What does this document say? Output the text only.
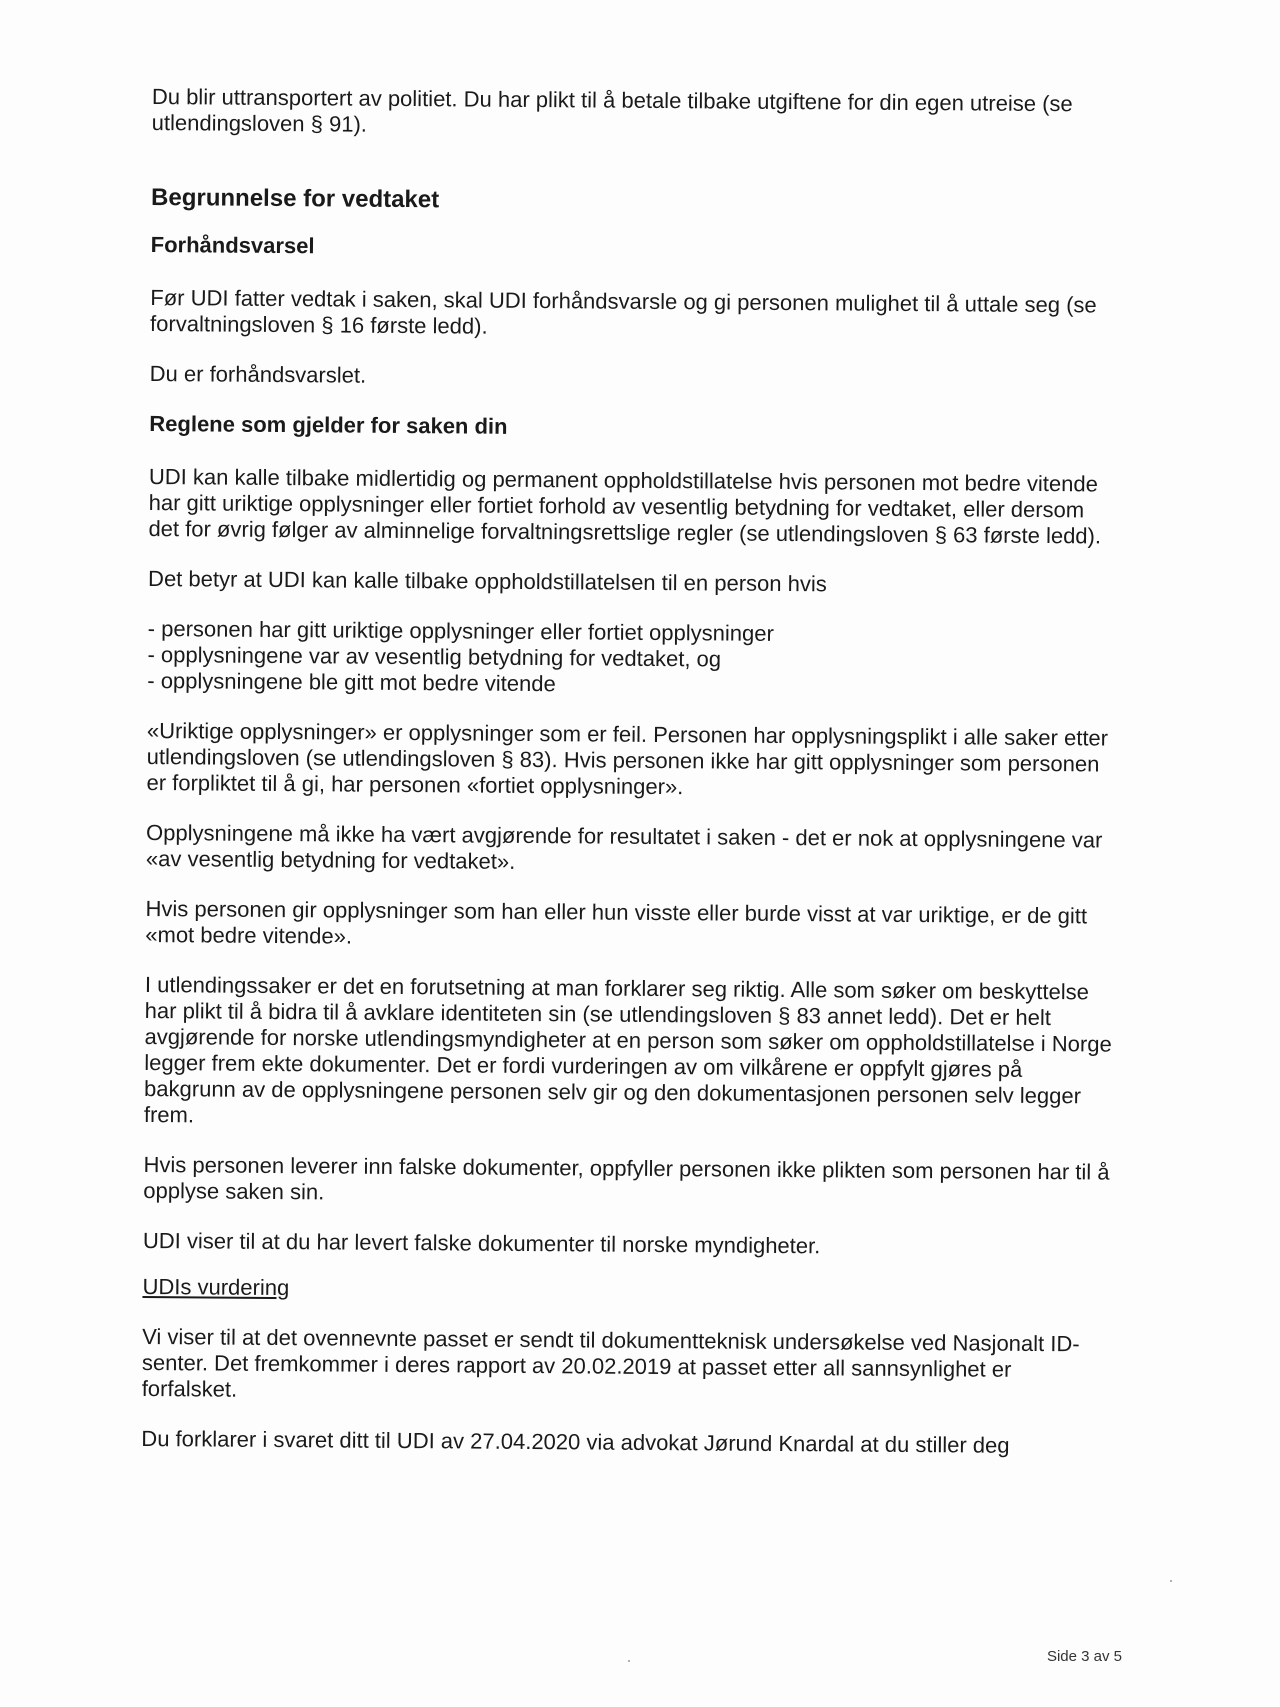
Du blir uttransportert av politiet. Du har plikt til å betale tilbake utgiftene for din egen utreise (se utlendingsloven § 91).

Begrunnelse for vedtaket

Forhåndsvarsel

Før UDI fatter vedtak i saken, skal UDI forhåndsvarsle og gi personen mulighet til å uttale seg (se forvaltningsloven § 16 første ledd).

Du er forhåndsvarslet.

Reglene som gjelder for saken din

UDI kan kalle tilbake midlertidig og permanent oppholdstillatelse hvis personen mot bedre vitende har gitt uriktige opplysninger eller fortiet forhold av vesentlig betydning for vedtaket, eller dersom det for øvrig følger av alminnelige forvaltningsrettslige regler (se utlendingsloven § 63 første ledd).

Det betyr at UDI kan kalle tilbake oppholdstillatelsen til en person hvis

- personen har gitt uriktige opplysninger eller fortiet opplysninger
- opplysningene var av vesentlig betydning for vedtaket, og
- opplysningene ble gitt mot bedre vitende

«Uriktige opplysninger» er opplysninger som er feil. Personen har opplysningsplikt i alle saker etter utlendingsloven (se utlendingsloven § 83). Hvis personen ikke har gitt opplysninger som personen er forpliktet til å gi, har personen «fortiet opplysninger».

Opplysningene må ikke ha vært avgjørende for resultatet i saken - det er nok at opplysningene var «av vesentlig betydning for vedtaket».

Hvis personen gir opplysninger som han eller hun visste eller burde visst at var uriktige, er de gitt «mot bedre vitende».

I utlendingssaker er det en forutsetning at man forklarer seg riktig. Alle som søker om beskyttelse har plikt til å bidra til å avklare identiteten sin (se utlendingsloven § 83 annet ledd). Det er helt avgjørende for norske utlendingsmyndigheter at en person som søker om oppholdstillatelse i Norge legger frem ekte dokumenter. Det er fordi vurderingen av om vilkårene er oppfylt gjøres på bakgrunn av de opplysningene personen selv gir og den dokumentasjonen personen selv legger frem.

Hvis personen leverer inn falske dokumenter, oppfyller personen ikke plikten som personen har til å opplyse saken sin.

UDI viser til at du har levert falske dokumenter til norske myndigheter.

UDIs vurdering

Vi viser til at det ovennevnte passet er sendt til dokumentteknisk undersøkelse ved Nasjonalt ID-senter. Det fremkommer i deres rapport av 20.02.2019 at passet etter all sannsynlighet er forfalsket.

Du forklarer i svaret ditt til UDI av 27.04.2020 via advokat Jørund Knardal at du stiller deg

Side 3 av 5
